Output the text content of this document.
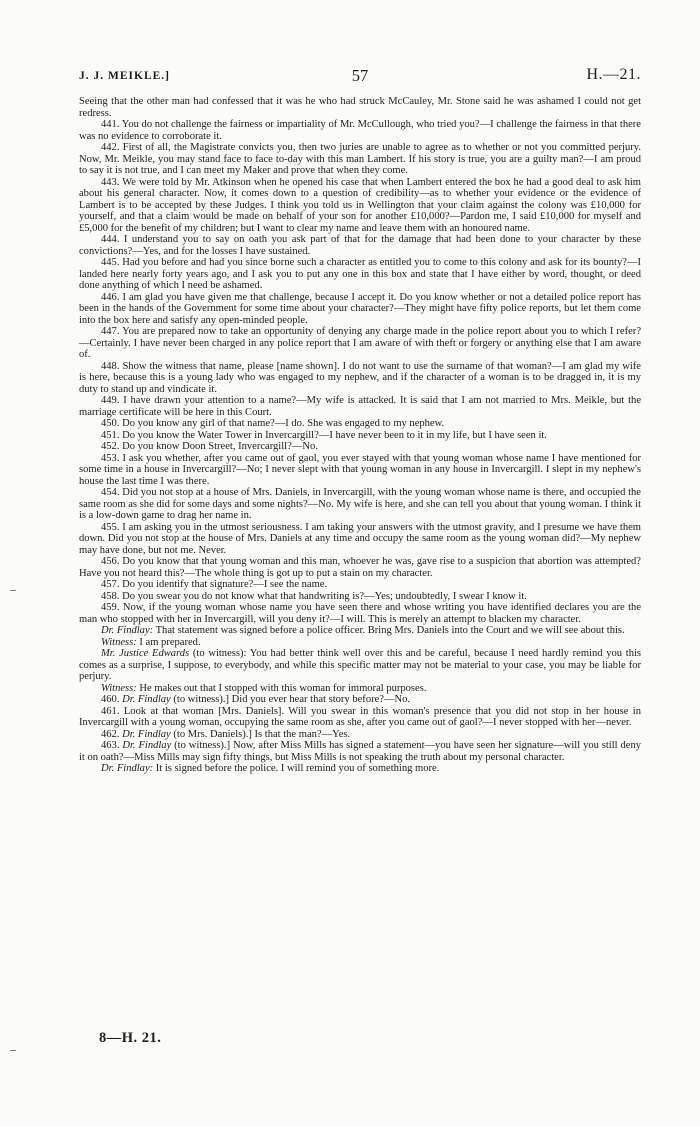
J. J. MEIKLE.]	57	H.—21.

Seeing that the other man had confessed that it was he who had struck McCauley, Mr. Stone said he was ashamed I could not get redress.

441. You do not challenge the fairness or impartiality of Mr. McCullough, who tried you?—I challenge the fairness in that there was no evidence to corroborate it.

442. First of all, the Magistrate convicts you, then two juries are unable to agree as to whether or not you committed perjury. Now, Mr. Meikle, you may stand face to face to-day with this man Lambert. If his story is true, you are a guilty man?—I am proud to say it is not true, and I can meet my Maker and prove that when they come.

443. We were told by Mr. Atkinson when he opened his case that when Lambert entered the box he had a good deal to ask him about his general character. Now, it comes down to a question of credibility—as to whether your evidence or the evidence of Lambert is to be accepted by these Judges. I think you told us in Wellington that your claim against the colony was £10,000 for yourself, and that a claim would be made on behalf of your son for another £10,000?—Pardon me, I said £10,000 for myself and £5,000 for the benefit of my children; but I want to clear my name and leave them with an honoured name.

444. I understand you to say on oath you ask part of that for the damage that had been done to your character by these convictions?—Yes, and for the losses I have sustained.

445. Had you before and had you since borne such a character as entitled you to come to this colony and ask for its bounty?—I landed here nearly forty years ago, and I ask you to put any one in this box and state that I have either by word, thought, or deed done anything of which I need be ashamed.

446. I am glad you have given me that challenge, because I accept it. Do you know whether or not a detailed police report has been in the hands of the Government for some time about your character?—They might have fifty police reports, but let them come into the box here and satisfy any open-minded people.

447. You are prepared now to take an opportunity of denying any charge made in the police report about you to which I refer?—Certainly. I have never been charged in any police report that I am aware of with theft or forgery or anything else that I am aware of.

448. Show the witness that name, please [name shown]. I do not want to use the surname of that woman?—I am glad my wife is here, because this is a young lady who was engaged to my nephew, and if the character of a woman is to be dragged in, it is my duty to stand up and vindicate it.

449. I have drawn your attention to a name?—My wife is attacked. It is said that I am not married to Mrs. Meikle, but the marriage certificate will be here in this Court.

450. Do you know any girl of that name?—I do. She was engaged to my nephew.

451. Do you know the Water Tower in Invercargill?—I have never been to it in my life, but I have seen it.

452. Do you know Doon Street, Invercargill?—No.

453. I ask you whether, after you came out of gaol, you ever stayed with that young woman whose name I have mentioned for some time in a house in Invercargill?—No; I never slept with that young woman in any house in Invercargill. I slept in my nephew's house the last time I was there.

454. Did you not stop at a house of Mrs. Daniels, in Invercargill, with the young woman whose name is there, and occupied the same room as she did for some days and some nights?—No. My wife is here, and she can tell you about that young woman. I think it is a low-down game to drag her name in.

455. I am asking you in the utmost seriousness. I am taking your answers with the utmost gravity, and I presume we have them down. Did you not stop at the house of Mrs. Daniels at any time and occupy the same room as the young woman did?—My nephew may have done, but not me. Never.

456. Do you know that that young woman and this man, whoever he was, gave rise to a suspicion that abortion was attempted? Have you not heard this?—The whole thing is got up to put a stain on my character.

457. Do you identify that signature?—I see the name.

458. Do you swear you do not know what that handwriting is?—Yes; undoubtedly, I swear I know it.

459. Now, if the young woman whose name you have seen there and whose writing you have identified declares you are the man who stopped with her in Invercargill, will you deny it?—I will. This is merely an attempt to blacken my character.

Dr. Findlay: That statement was signed before a police officer. Bring Mrs. Daniels into the Court and we will see about this.

Witness: I am prepared.

Mr. Justice Edwards (to witness): You had better think well over this and be careful, because I need hardly remind you this comes as a surprise, I suppose, to everybody, and while this specific matter may not be material to your case, you may be liable for perjury.

Witness: He makes out that I stopped with this woman for immoral purposes.

460. Dr. Findlay (to witness).] Did you ever hear that story before?—No.

461. Look at that woman [Mrs. Daniels]. Will you swear in this woman's presence that you did not stop in her house in Invercargill with a young woman, occupying the same room as she, after you came out of gaol?—I never stopped with her—never.

462. Dr. Findlay (to Mrs. Daniels).] Is that the man?—Yes.

463. Dr. Findlay (to witness).] Now, after Miss Mills has signed a statement—you have seen her signature—will you still deny it on oath?—Miss Mills may sign fifty things, but Miss Mills is not speaking the truth about my personal character.

Dr. Findlay: It is signed before the police. I will remind you of something more.

8—H. 21.
